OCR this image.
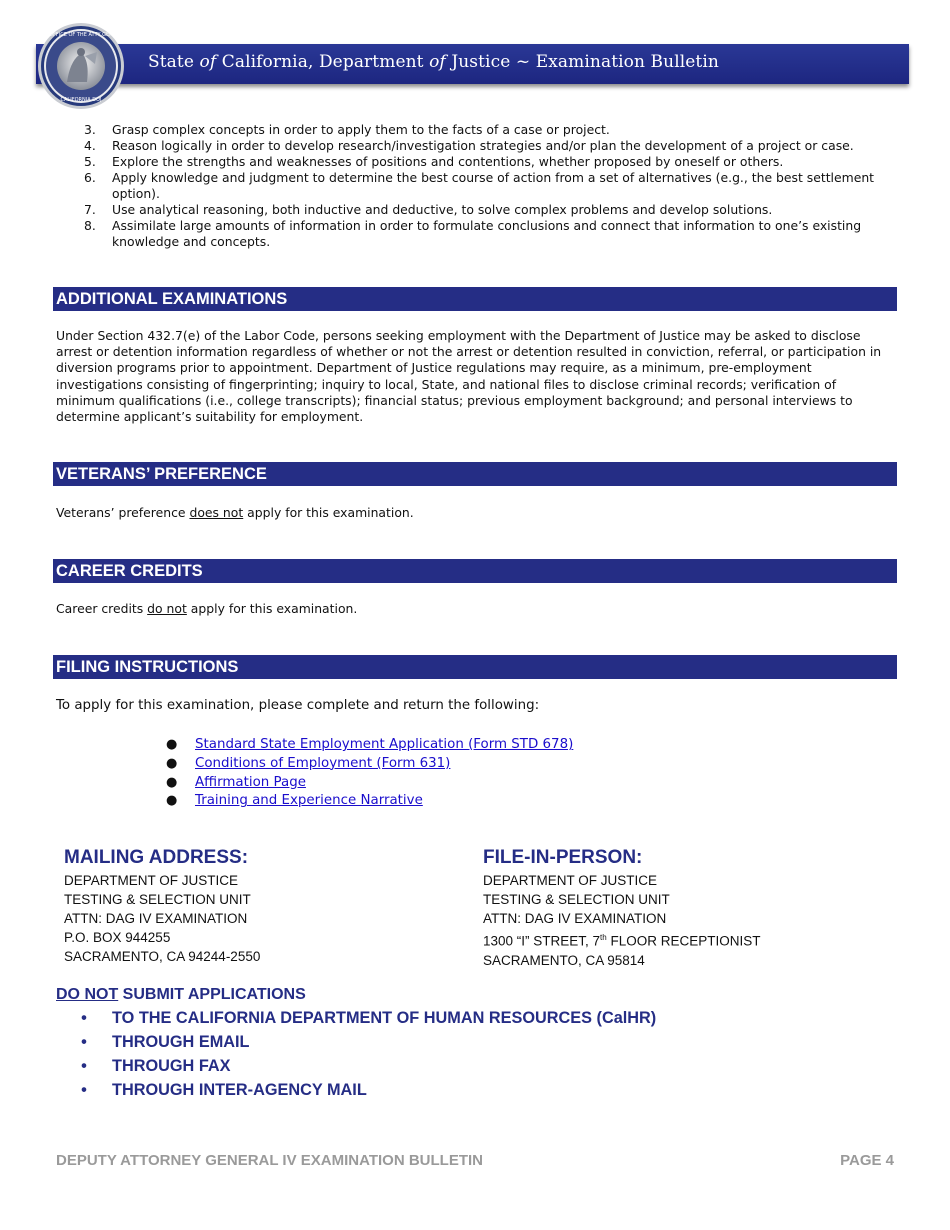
State of California, Department of Justice ~ Examination Bulletin
OFFICE OF THE ATTY GEN
CALIFORNIA DOJ
3.	Grasp complex concepts in order to apply them to the facts of a case or project.
4.	Reason logically in order to develop research/investigation strategies and/or plan the development of a project or case.
5.	Explore the strengths and weaknesses of positions and contentions, whether proposed by oneself or others.
6.	Apply knowledge and judgment to determine the best course of action from a set of alternatives (e.g., the best settlement option).
7.	Use analytical reasoning, both inductive and deductive, to solve complex problems and develop solutions.
8.	Assimilate large amounts of information in order to formulate conclusions and connect that information to one’s existing knowledge and concepts.
ADDITIONAL EXAMINATIONS
Under Section 432.7(e) of the Labor Code, persons seeking employment with the Department of Justice may be asked to disclose arrest or detention information regardless of whether or not the arrest or detention resulted in conviction, referral, or participation in diversion programs prior to appointment. Department of Justice regulations may require, as a minimum, pre-employment investigations consisting of fingerprinting; inquiry to local, State, and national files to disclose criminal records; verification of minimum qualifications (i.e., college transcripts); financial status; previous employment background; and personal interviews to determine applicant’s suitability for employment.
VETERANS’ PREFERENCE
Veterans’ preference does not apply for this examination.
CAREER CREDITS
Career credits do not apply for this examination.
FILING INSTRUCTIONS
To apply for this examination, please complete and return the following:
●	Standard State Employment Application (Form STD 678)
●	Conditions of Employment (Form 631)
●	Affirmation Page
●	Training and Experience Narrative
MAILING ADDRESS:
DEPARTMENT OF JUSTICE
TESTING & SELECTION UNIT
ATTN: DAG IV EXAMINATION
P.O. BOX 944255
SACRAMENTO, CA 94244-2550
FILE-IN-PERSON:
DEPARTMENT OF JUSTICE
TESTING & SELECTION UNIT
ATTN: DAG IV EXAMINATION
1300 “I” STREET, 7th FLOOR RECEPTIONIST
SACRAMENTO, CA 95814
DO NOT SUBMIT APPLICATIONS
•	TO THE CALIFORNIA DEPARTMENT OF HUMAN RESOURCES (CalHR)
•	THROUGH EMAIL
•	THROUGH FAX
•	THROUGH INTER-AGENCY MAIL
DEPUTY ATTORNEY GENERAL IV EXAMINATION BULLETIN	PAGE 4
